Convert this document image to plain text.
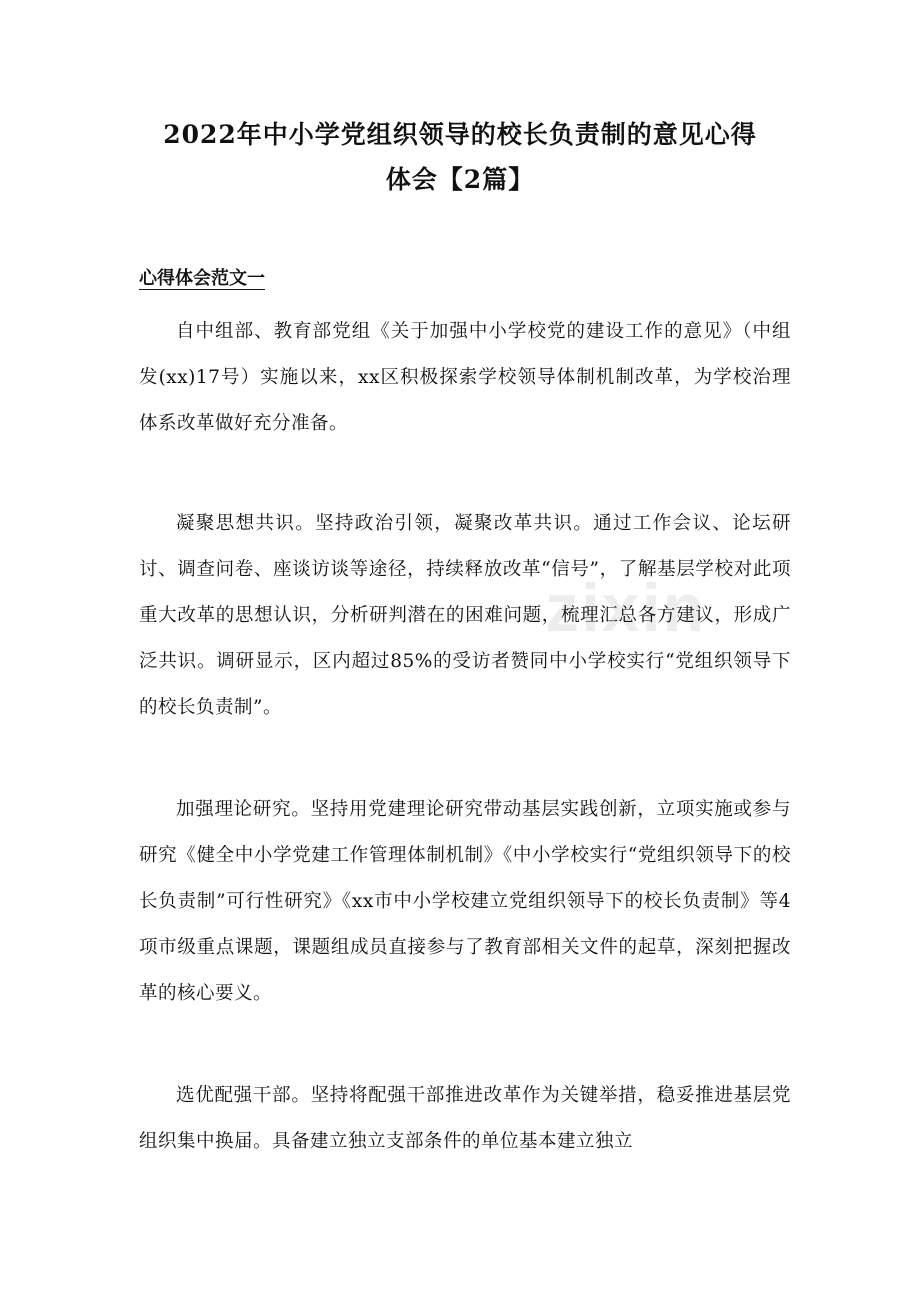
2022年中小学党组织领导的校长负责制的意见心得
体会【2篇】
心得体会范文一
自中组部、教育部党组《关于加强中小学校党的建设工作的意见》（中组发(xx)17号）实施以来，xx区积极探索学校领导体制机制改革，为学校治理体系改革做好充分准备。
凝聚思想共识。坚持政治引领，凝聚改革共识。通过工作会议、论坛研讨、调查问卷、座谈访谈等途径，持续释放改革“信号”，了解基层学校对此项重大改革的思想认识，分析研判潜在的困难问题，梳理汇总各方建议，形成广泛共识。调研显示，区内超过85%的受访者赞同中小学校实行“党组织领导下的校长负责制”。
加强理论研究。坚持用党建理论研究带动基层实践创新，立项实施或参与研究《健全中小学党建工作管理体制机制》《中小学校实行“党组织领导下的校长负责制”可行性研究》《xx市中小学校建立党组织领导下的校长负责制》等4项市级重点课题，课题组成员直接参与了教育部相关文件的起草，深刻把握改革的核心要义。
选优配强干部。坚持将配强干部推进改革作为关键举措，稳妥推进基层党组织集中换届。具备建立独立支部条件的单位基本建立独立
zixin
